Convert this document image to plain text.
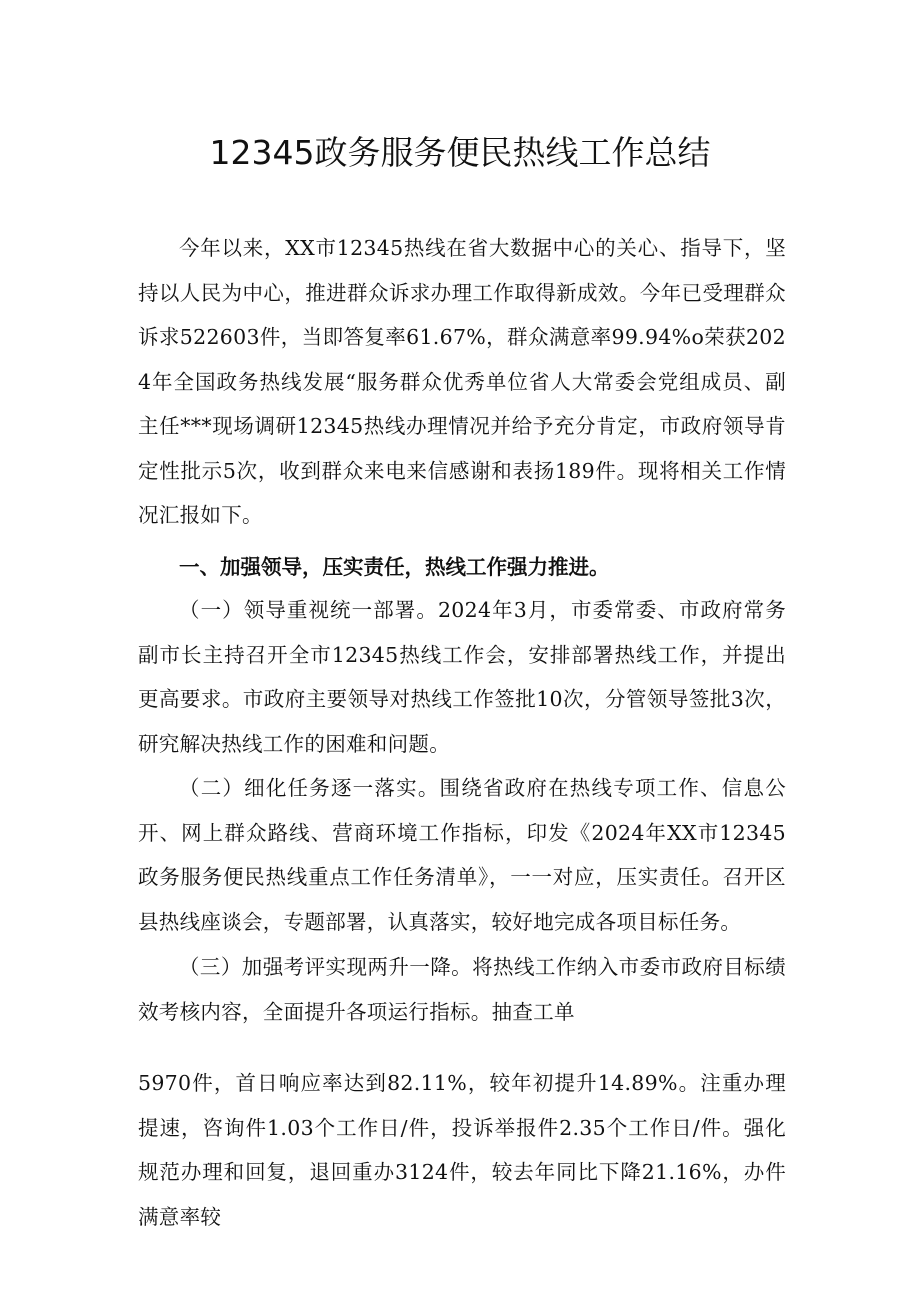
12345政务服务便民热线工作总结

今年以来，XX市12345热线在省大数据中心的关心、指导下，坚持以人民为中心，推进群众诉求办理工作取得新成效。今年已受理群众诉求522603件，当即答复率61.67%，群众满意率99.94%o荣获2024年全国政务热线发展“服务群众优秀单位省人大常委会党组成员、副主任***现场调研12345热线办理情况并给予充分肯定，市政府领导肯定性批示5次，收到群众来电来信感谢和表扬189件。现将相关工作情况汇报如下。

一、加强领导，压实责任，热线工作强力推进。

（一）领导重视统一部署。2024年3月，市委常委、市政府常务副市长主持召开全市12345热线工作会，安排部署热线工作，并提出更高要求。市政府主要领导对热线工作签批10次，分管领导签批3次，研究解决热线工作的困难和问题。

（二）细化任务逐一落实。围绕省政府在热线专项工作、信息公开、网上群众路线、营商环境工作指标，印发《2024年XX市12345政务服务便民热线重点工作任务清单》，一一对应，压实责任。召开区县热线座谈会，专题部署，认真落实，较好地完成各项目标任务。

（三）加强考评实现两升一降。将热线工作纳入市委市政府目标绩效考核内容，全面提升各项运行指标。抽查工单

5970件，首日响应率达到82.11%，较年初提升14.89%。注重办理提速，咨询件1.03个工作日/件，投诉举报件2.35个工作日/件。强化规范办理和回复，退回重办3124件，较去年同比下降21.16%，办件满意率较
